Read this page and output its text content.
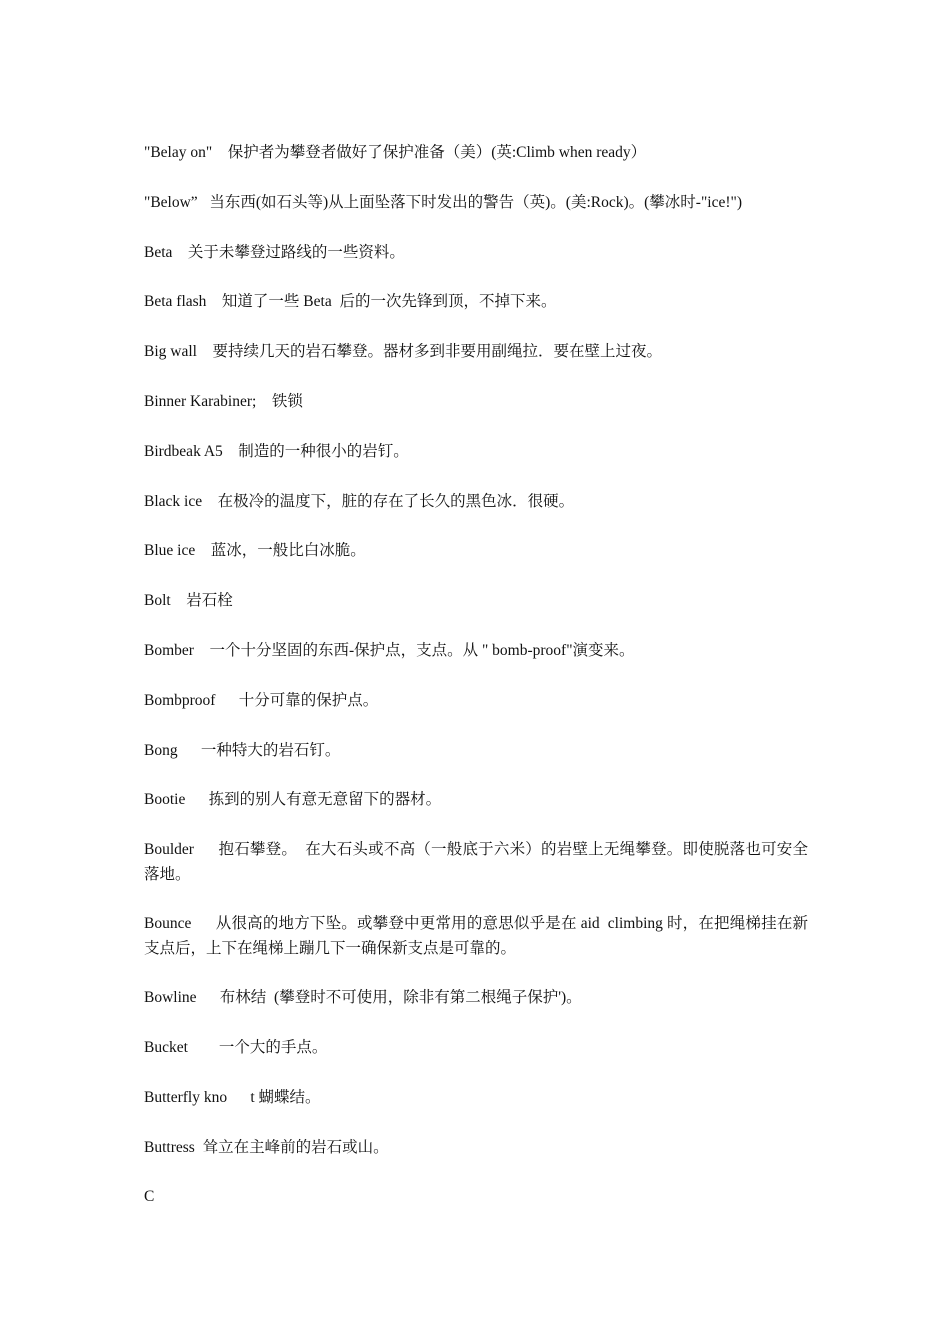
"Belay on" 保护者为攀登者做好了保护准备（美）(英:Climb when ready）

"Below” 当东西(如石头等)从上面坠落下时发出的警告（英)。(美:Rock)。(攀冰时-"ice!")

Beta 关于未攀登过路线的一些资料。

Beta flash 知道了一些 Beta  后的一次先锋到顶，不掉下来。

Big wall 要持续几天的岩石攀登。器材多到非要用副绳拉．要在壁上过夜。

Binner Karabiner; 铁锁

Birdbeak A5 制造的一种很小的岩钉。

Black ice 在极冷的温度下，脏的存在了长久的黑色冰．很硬。

Blue ice 蓝冰，一般比白冰脆。

Bolt 岩石栓

Bomber 一个十分坚固的东西-保护点，支点。从 " bomb-proof"演变来。

Bombproof 十分可靠的保护点。

Bong 一种特大的岩石钉。

Bootie 拣到的别人有意无意留下的器材。

Boulder 抱石攀登。  在大石头或不高（一般底于六米）的岩壁上无绳攀登。即使脱落也可安全落地。

Bounce 从很高的地方下坠。或攀登中更常用的意思似乎是在 aid  climbing 时，在把绳梯挂在新支点后，上下在绳梯上蹦几下一确保新支点是可靠的。

Bowline 布林结  (攀登时不可使用，除非有第二根绳子保护')。

Bucket 一个大的手点。

Butterfly kno t 蝴蝶结。

Buttress 耸立在主峰前的岩石或山。

C
